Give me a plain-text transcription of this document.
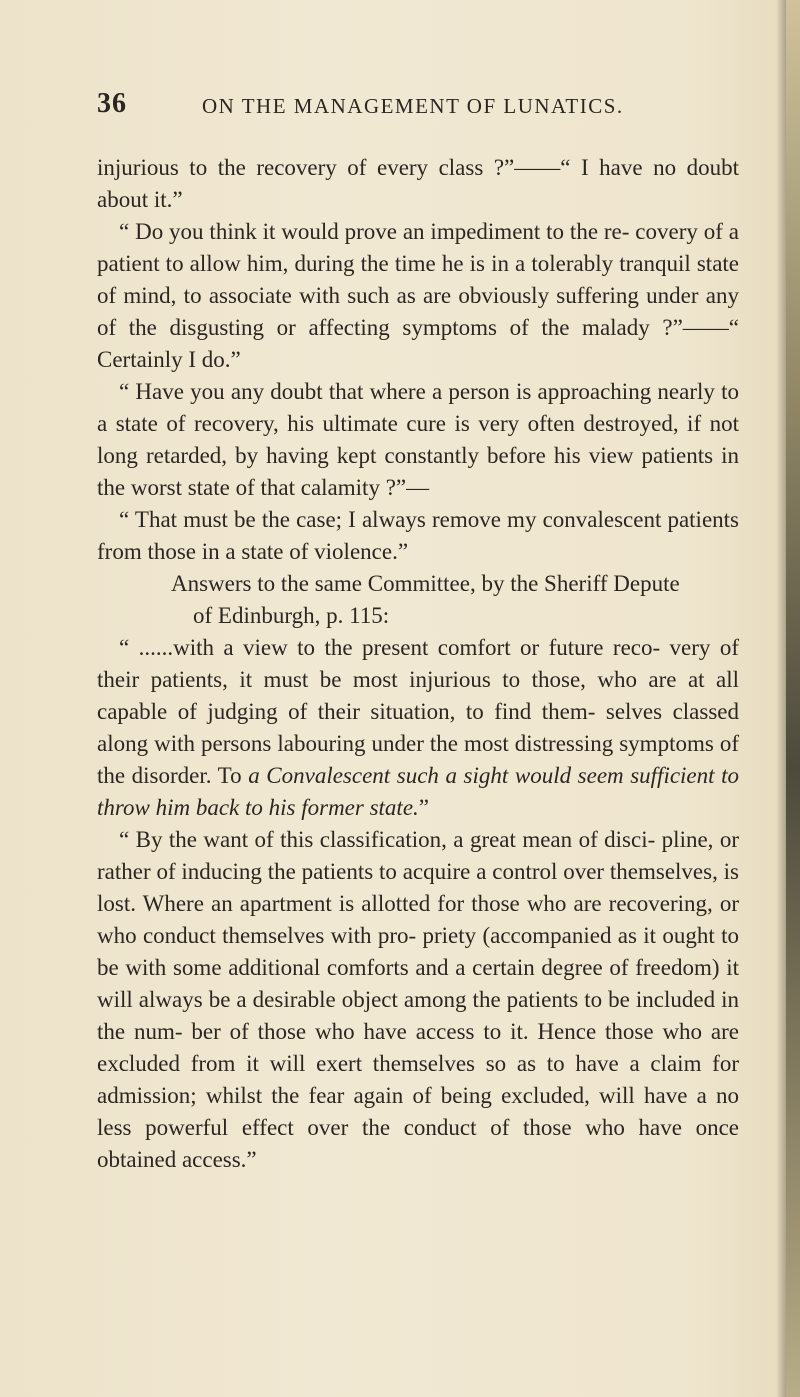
36	ON THE MANAGEMENT OF LUNATICS.

injurious to the recovery of every class ?”——“ I have no doubt about it.”

“ Do you think it would prove an impediment to the re- covery of a patient to allow him, during the time he is in a tolerably tranquil state of mind, to associate with such as are obviously suffering under any of the disgusting or affecting symptoms of the malady ?”——“ Certainly I do.”

“ Have you any doubt that where a person is approaching nearly to a state of recovery, his ultimate cure is very often destroyed, if not long retarded, by having kept constantly before his view patients in the worst state of that calamity ?”—

“ That must be the case; I always remove my convalescent patients from those in a state of violence.”

Answers to the same Committee, by the Sheriff Depute
of Edinburgh, p. 115:

“ ......with a view to the present comfort or future reco- very of their patients, it must be most injurious to those, who are at all capable of judging of their situation, to find them- selves classed along with persons labouring under the most distressing symptoms of the disorder. To a Convalescent such a sight would seem sufficient to throw him back to his former state.”

“ By the want of this classification, a great mean of disci- pline, or rather of inducing the patients to acquire a control over themselves, is lost. Where an apartment is allotted for those who are recovering, or who conduct themselves with pro- priety (accompanied as it ought to be with some additional comforts and a certain degree of freedom) it will always be a desirable object among the patients to be included in the num- ber of those who have access to it. Hence those who are excluded from it will exert themselves so as to have a claim for admission; whilst the fear again of being excluded, will have a no less powerful effect over the conduct of those who have once obtained access.”
